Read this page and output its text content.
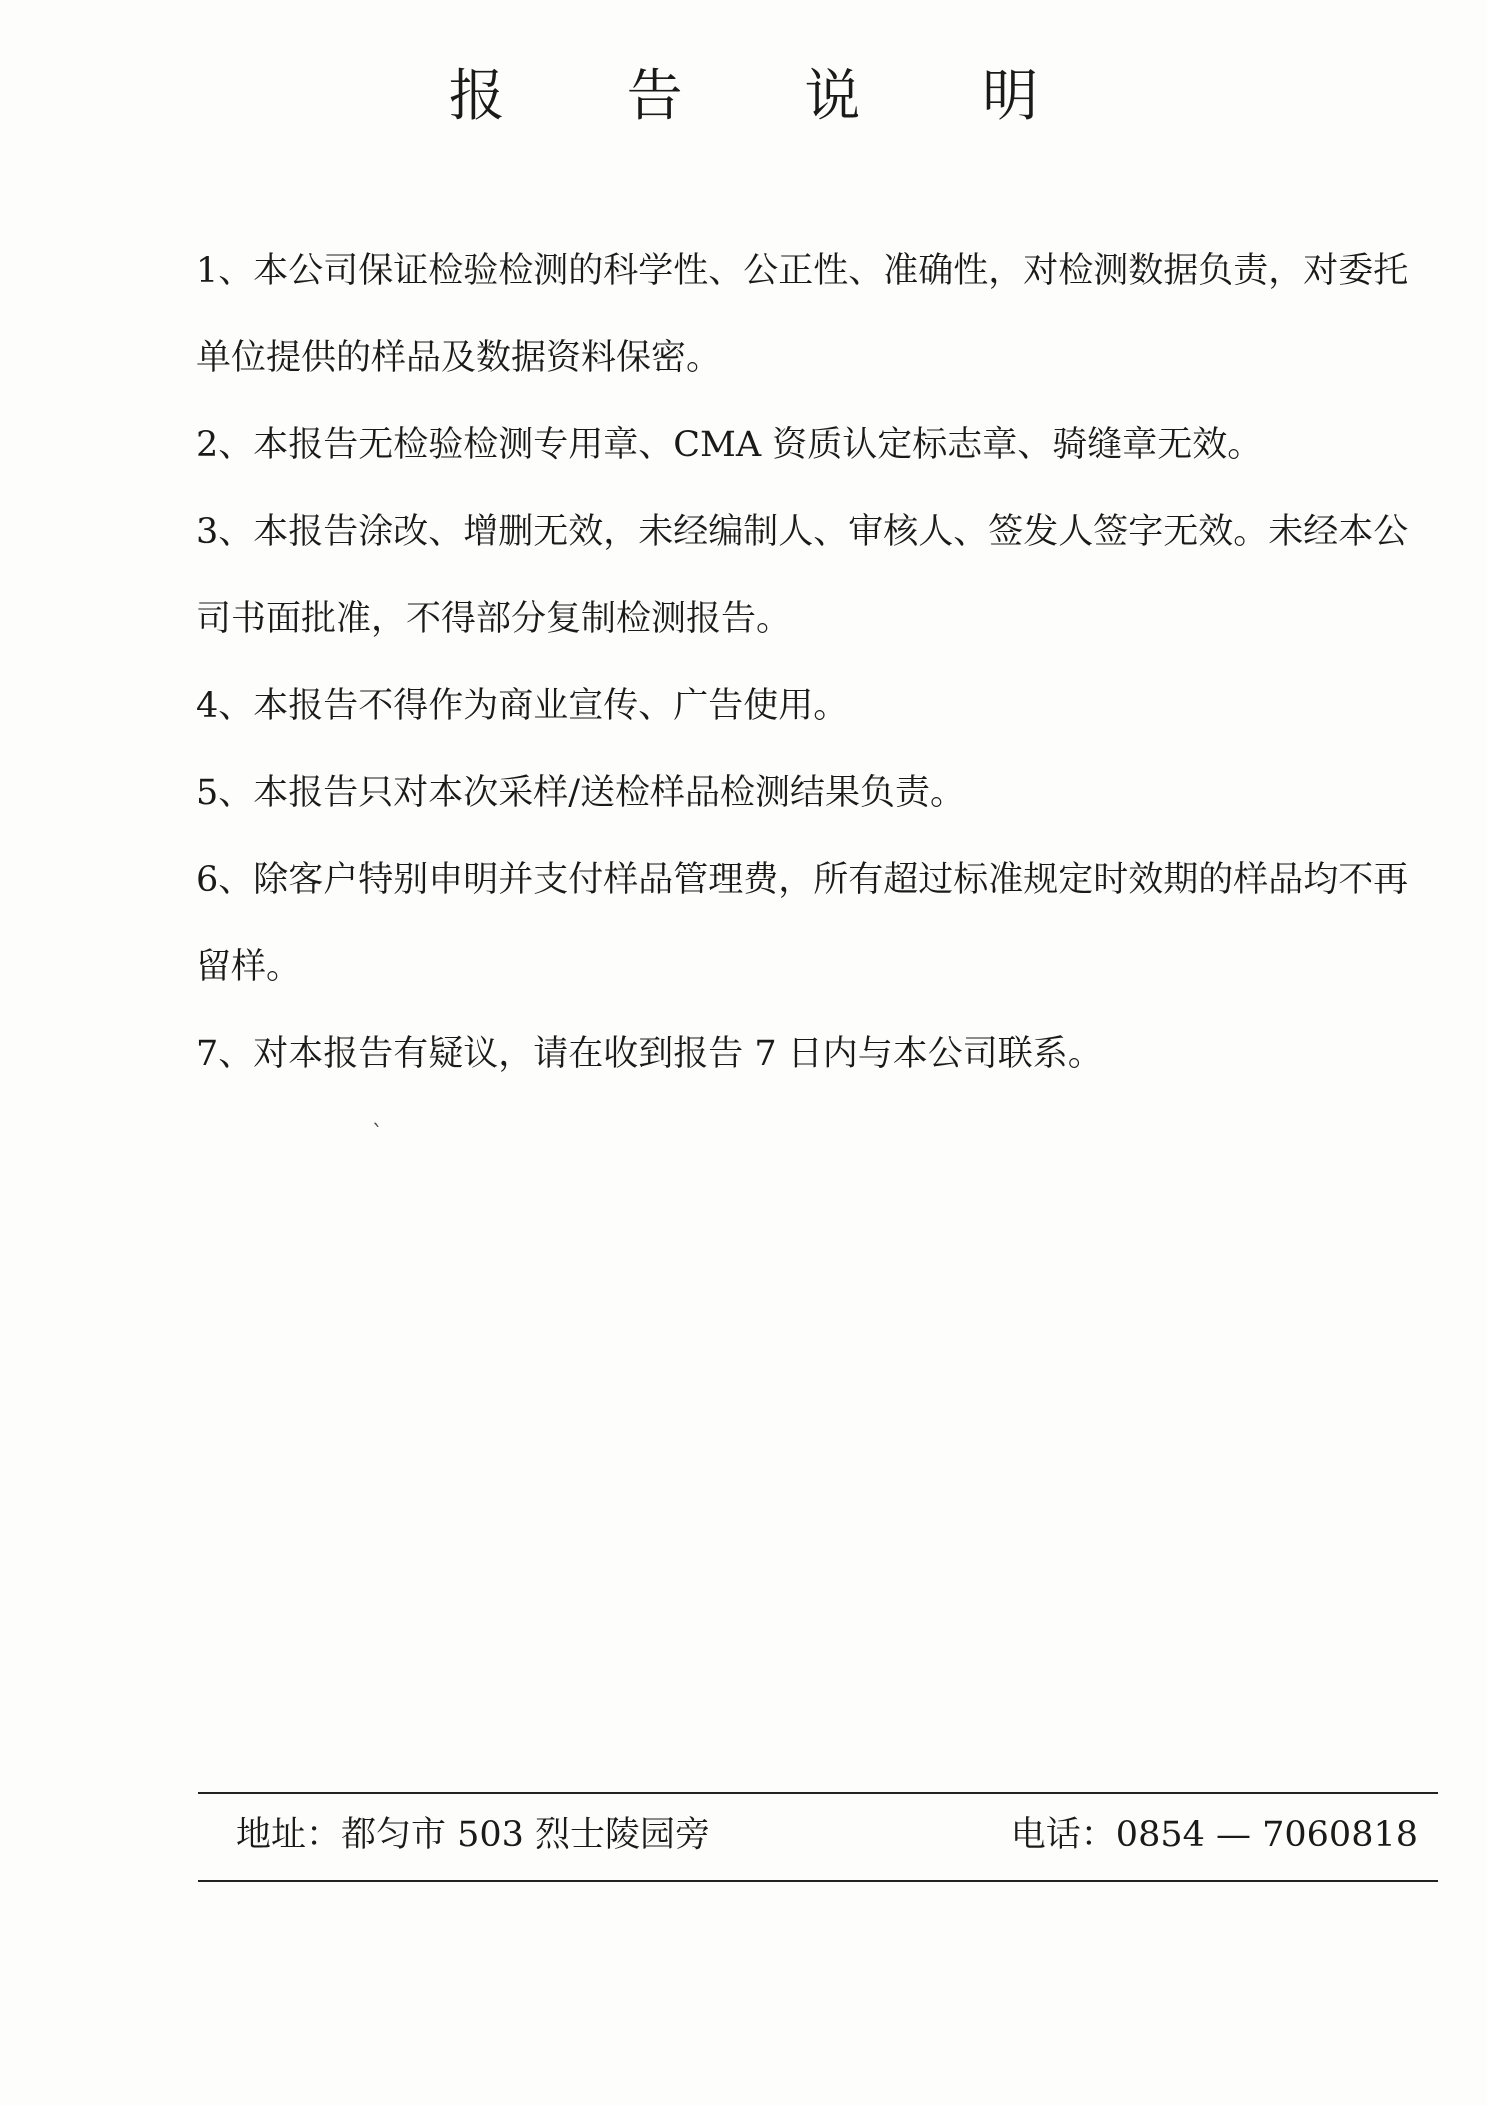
报 告 说 明
1、本公司保证检验检测的科学性、公正性、准确性，对检测数据负责，对委托单位提供的样品及数据资料保密。
2、本报告无检验检测专用章、CMA 资质认定标志章、骑缝章无效。
3、本报告涂改、增删无效，未经编制人、审核人、签发人签字无效。未经本公司书面批准，不得部分复制检测报告。
4、本报告不得作为商业宣传、广告使用。
5、本报告只对本次采样/送检样品检测结果负责。
6、除客户特别申明并支付样品管理费，所有超过标准规定时效期的样品均不再留样。
7、对本报告有疑议，请在收到报告 7 日内与本公司联系。
`
地址：都匀市 503 烈士陵园旁	电话：0854 — 7060818
